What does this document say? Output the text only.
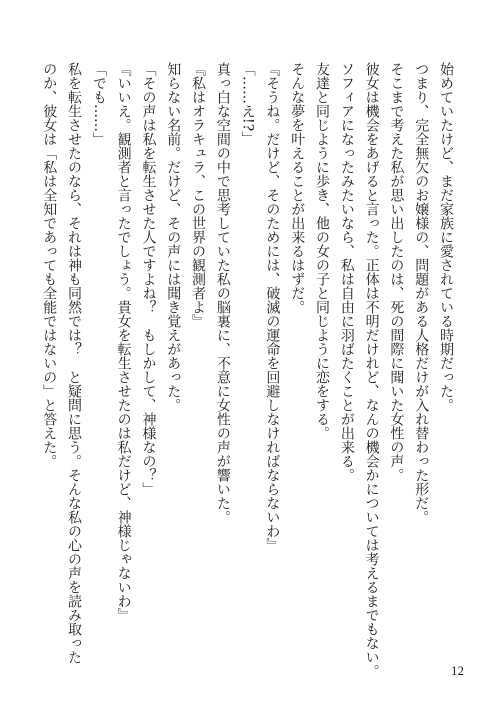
始めていたけど、まだ家族に愛されている時期だった。
つまり、完全無欠のお嬢様の、問題がある人格だけが入れ替わった形だ。
そこまで考えた私が思い出したのは、死の間際に聞いた女性の声。
彼女は機会をあげると言った。正体は不明だけれど、なんの機会かについては考えるまでもない。
ソフィアになったみたいなら、私は自由に羽ばたくことが出来る。
友達と同じように歩き、他の女の子と同じように恋をする。
そんな夢を叶えることが出来るはずだ。
『そうね。だけど、そのためには、破滅の運命を回避しなければならないわ』
「……え!?」
真っ白な空間の中で思考していた私の脳裏に、不意に女性の声が響いた。
『私はオラキュラ、この世界の観測者よ』
知らない名前。だけど、その声には聞き覚えがあった。
「その声は私を転生させた人ですよね？　もしかして、神様なの？」
『いいえ。観測者と言ったでしょう。貴女を転生させたのは私だけど、神様じゃないわ』
「でも……」
私を転生させたのなら、それは神も同然では？　と疑問に思う。そんな私の心の声を読み取った
のか、彼女は「私は全知であっても全能ではないの」と答えた。
12
